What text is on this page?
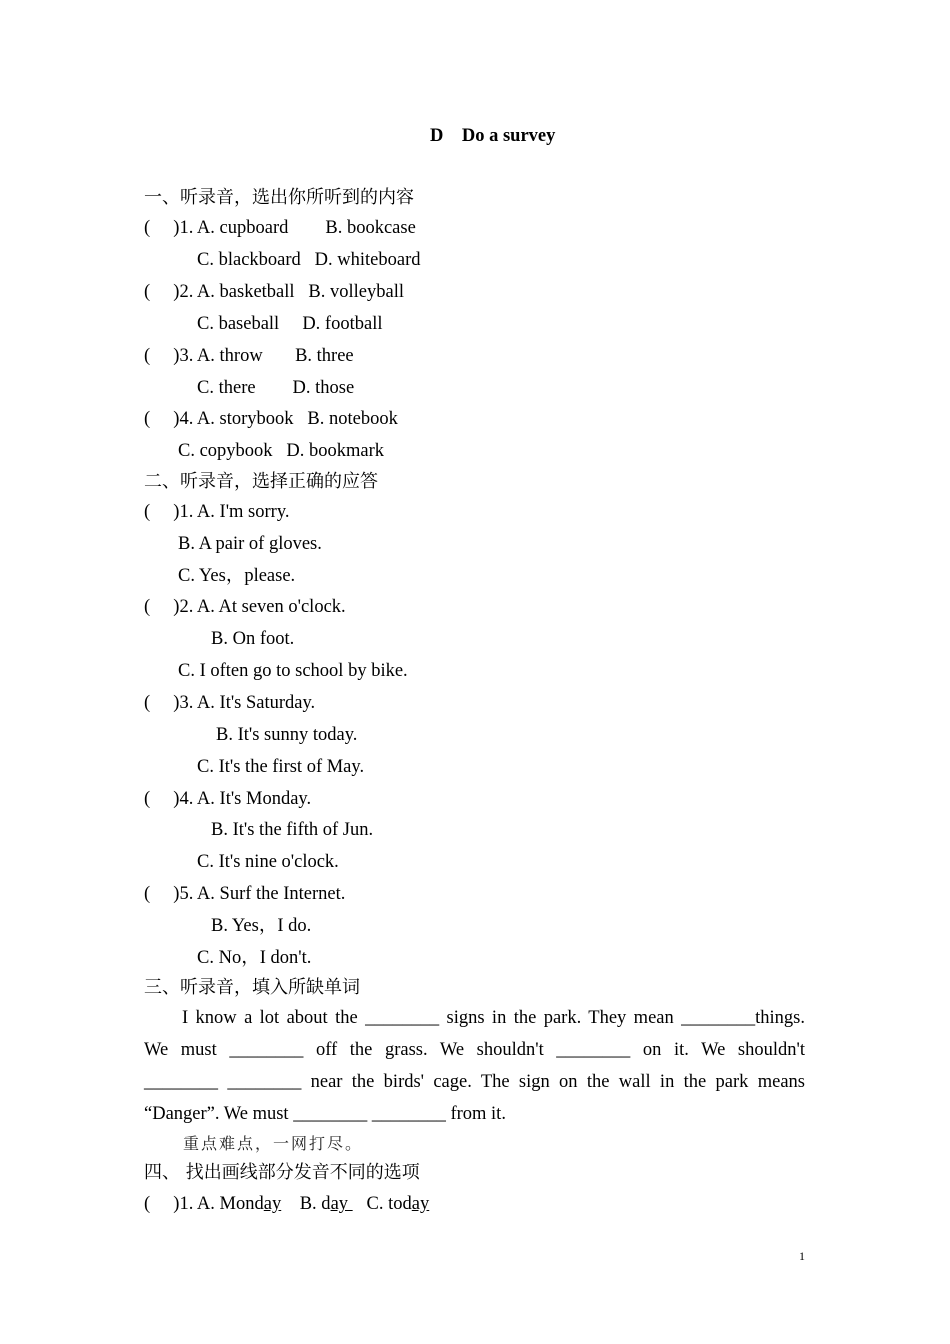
D    Do a survey
一、听录音，选出你所听到的内容
(     )1. A. cupboard        B. bookcase
C. blackboard   D. whiteboard
(     )2. A. basketball   B. volleyball
C. baseball     D. football
(     )3. A. throw       B. three
C. there        D. those
(     )4. A. storybook   B. notebook
C. copybook   D. bookmark
二、听录音，选择正确的应答
(     )1. A. I'm sorry.
B. A pair of gloves.
C. Yes，please.
(     )2. A. At seven o'clock.
B. On foot.
C. I often go to school by bike.
(     )3. A. It's Saturday.
B. It's sunny today.
C. It's the first of May.
(     )4. A. It's Monday.
B. It's the fifth of Jun.
C. It's nine o'clock.
(     )5. A. Surf the Internet.
B. Yes，I do.
C. No，I don't.
三、听录音，填入所缺单词
I know a lot about the ________ signs in the park. They mean ________things.
We must ________ off the grass. We shouldn't ________ on it. We shouldn't
________ ________ near the birds' cage. The sign on the wall in the park means
“Danger”. We must ________ ________ from it.
重点难点，一网打尽。
四、 找出画线部分发音不同的选项
(     )1. A. Monday    B. day    C. today
1
